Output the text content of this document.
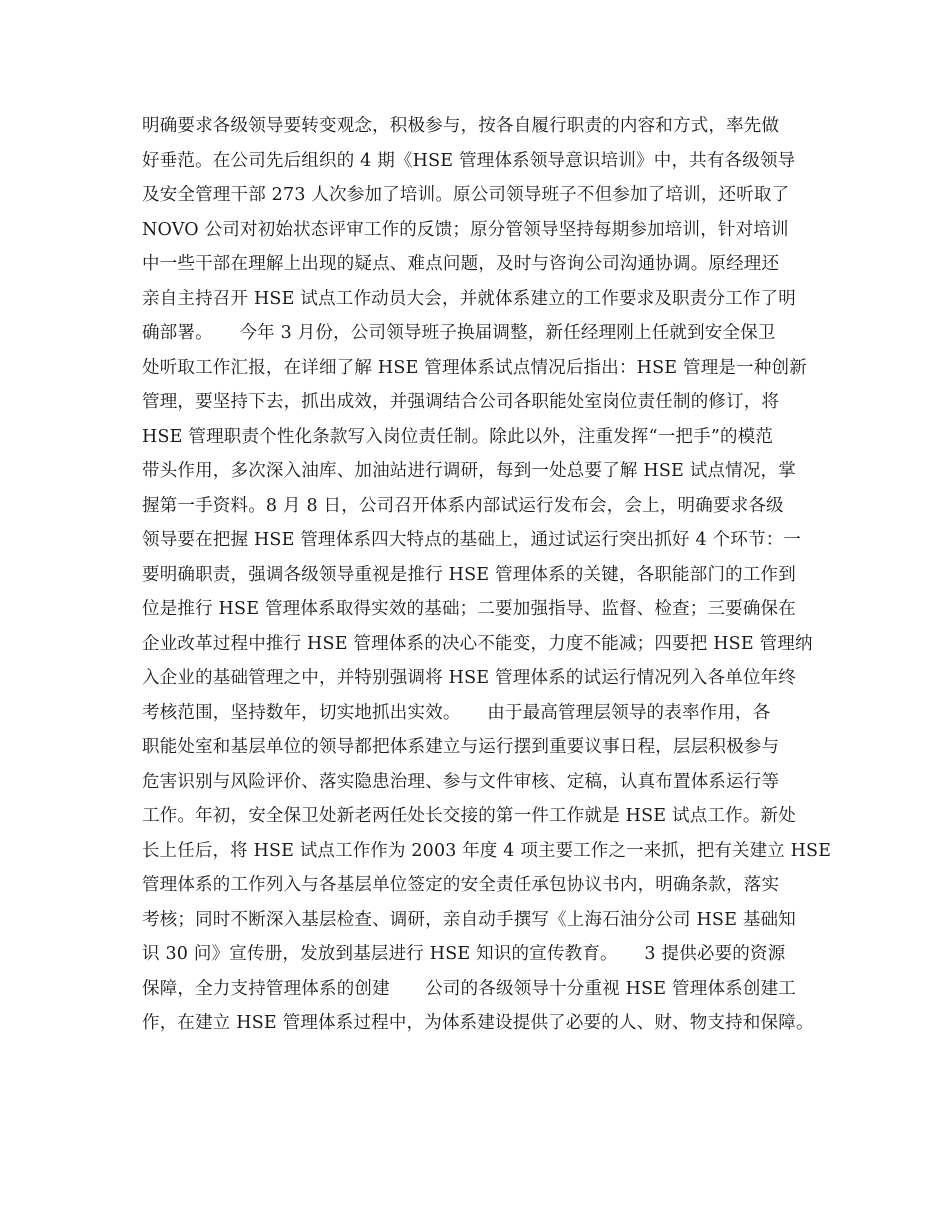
明确要求各级领导要转变观念，积极参与，按各自履行职责的内容和方式，率先做
好垂范。在公司先后组织的 4 期《HSE 管理体系领导意识培训》中，共有各级领导
及安全管理干部 273 人次参加了培训。原公司领导班子不但参加了培训，还听取了
NOVO 公司对初始状态评审工作的反馈；原分管领导坚持每期参加培训，针对培训
中一些干部在理解上出现的疑点、难点问题，及时与咨询公司沟通协调。原经理还
亲自主持召开 HSE 试点工作动员大会，并就体系建立的工作要求及职责分工作了明
确部署。　　今年 3 月份，公司领导班子换届调整，新任经理刚上任就到安全保卫
处听取工作汇报，在详细了解 HSE 管理体系试点情况后指出：HSE 管理是一种创新
管理，要坚持下去，抓出成效，并强调结合公司各职能处室岗位责任制的修订，将
HSE 管理职责个性化条款写入岗位责任制。除此以外，注重发挥“一把手”的模范
带头作用，多次深入油库、加油站进行调研，每到一处总要了解 HSE 试点情况，掌
握第一手资料。8 月 8 日，公司召开体系内部试运行发布会，会上，明确要求各级
领导要在把握 HSE 管理体系四大特点的基础上，通过试运行突出抓好 4 个环节：一
要明确职责，强调各级领导重视是推行 HSE 管理体系的关键，各职能部门的工作到
位是推行 HSE 管理体系取得实效的基础；二要加强指导、监督、检查；三要确保在
企业改革过程中推行 HSE 管理体系的决心不能变，力度不能减；四要把 HSE 管理纳
入企业的基础管理之中，并特别强调将 HSE 管理体系的试运行情况列入各单位年终
考核范围，坚持数年，切实地抓出实效。　　由于最高管理层领导的表率作用，各
职能处室和基层单位的领导都把体系建立与运行摆到重要议事日程，层层积极参与
危害识别与风险评价、落实隐患治理、参与文件审核、定稿，认真布置体系运行等
工作。年初，安全保卫处新老两任处长交接的第一件工作就是 HSE 试点工作。新处
长上任后，将 HSE 试点工作作为 2003 年度 4 项主要工作之一来抓，把有关建立 HSE
管理体系的工作列入与各基层单位签定的安全责任承包协议书内，明确条款，落实
考核；同时不断深入基层检查、调研，亲自动手撰写《上海石油分公司 HSE 基础知
识 30 问》宣传册，发放到基层进行 HSE 知识的宣传教育。　　3 提供必要的资源
保障，全力支持管理体系的创建　　公司的各级领导十分重视 HSE 管理体系创建工
作，在建立 HSE 管理体系过程中，为体系建设提供了必要的人、财、物支持和保障。
